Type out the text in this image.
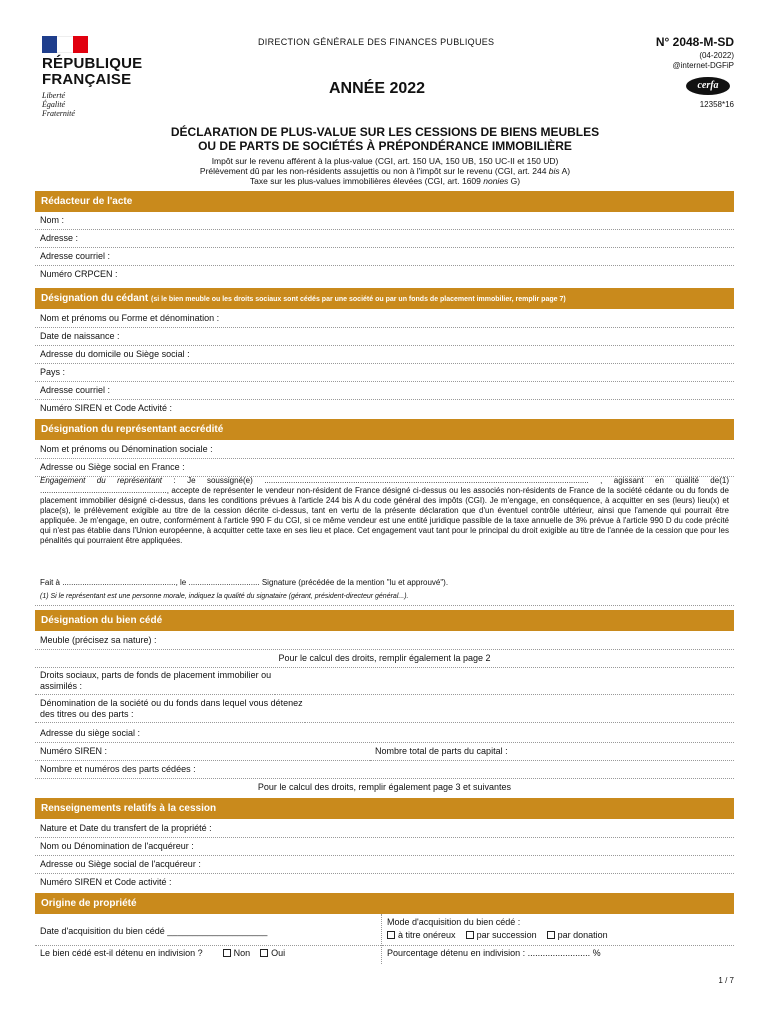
RÉPUBLIQUE
FRANÇAISE
Liberté
Égalité
Fraternité
DIRECTION GÉNÉRALE DES FINANCES PUBLIQUES	N° 2048-M-SD
(04-2022)
@internet-DGFiP
ANNÉE 2022	cerfa
12358*16
DÉCLARATION DE PLUS-VALUE SUR LES CESSIONS DE BIENS MEUBLES
OU DE PARTS DE SOCIÉTÉS À PRÉPONDÉRANCE IMMOBILIÈRE
Impôt sur le revenu afférent à la plus-value (CGI, art. 150 UA, 150 UB, 150 UC-II et 150 UD)
Prélèvement dû par les non-résidents assujettis ou non à l'impôt sur le revenu (CGI, art. 244 bis A)
Taxe sur les plus-values immobilières élevées (CGI, art. 1609 nonies G)
Rédacteur de l'acte
Nom :
Adresse :
Adresse courriel :
Numéro CRPCEN :
Désignation du cédant (si le bien meuble ou les droits sociaux sont cédés par une société ou par un fonds de placement immobilier, remplir page 7)
Nom et prénoms ou Forme et dénomination :
Date de naissance :
Adresse du domicile ou Siège social :
Pays :
Adresse courriel :
Numéro SIREN et Code Activité :
Désignation du représentant accrédité
Nom et prénoms ou Dénomination sociale :
Adresse ou Siège social en France :
Engagement du représentant : Je soussigné(e) .................................................................................................................................................. , agissant en qualité de(1) ........................................................., accepte de représenter le vendeur non-résident de France désigné ci-dessus ou les associés non-résidents de France de la société cédante ou du fonds de placement immobilier désigné ci-dessus, dans les conditions prévues à l'article 244 bis A du code général des impôts (CGI). Je m'engage, en conséquence, à acquitter en ses (leurs) lieu(x) et place(s), le prélèvement exigible au titre de la cession décrite ci-dessus, tant en vertu de la présente déclaration que d'un éventuel contrôle ultérieur, ainsi que l'amende qui pourrait être appliquée. Je m'engage, en outre, conformément à l'article 990 F du CGI, si ce même vendeur est une entité juridique passible de la taxe annuelle de 3% prévue à l'article 990 D du code précité qui n'est pas établie dans l'Union européenne, à acquitter cette taxe en ses lieu et place. Cet engagement vaut tant pour le principal du droit exigible au titre de l'année de la cession que pour les pénalités qui pourraient être appliquées.
Fait à ..................................................., le ................................ Signature (précédée de la mention "lu et approuvé").
(1) Si le représentant est une personne morale, indiquez la qualité du signataire (gérant, président-directeur général...).
Désignation du bien cédé
Meuble (précisez sa nature) :
Pour le calcul des droits, remplir également la page 2
Droits sociaux, parts de fonds de placement immobilier ou assimilés :
Dénomination de la société ou du fonds dans lequel vous détenez des titres ou des parts :
Adresse du siège social :
Numéro SIREN :	Nombre total de parts du capital :
Nombre et numéros des parts cédées :
Pour le calcul des droits, remplir également page 3 et suivantes
Renseignements relatifs à la cession
Nature et Date du transfert de la propriété :
Nom ou Dénomination de l'acquéreur :
Adresse ou Siège social de l'acquéreur :
Numéro SIREN et Code activité :
Origine de propriété
Date d'acquisition du bien cédé ____________________
Mode d'acquisition du bien cédé :
à titre onéreux par succession par donation
Le bien cédé est-il détenu en indivision ?	Non Oui	Pourcentage détenu en indivision : ......................... %
1 / 7
